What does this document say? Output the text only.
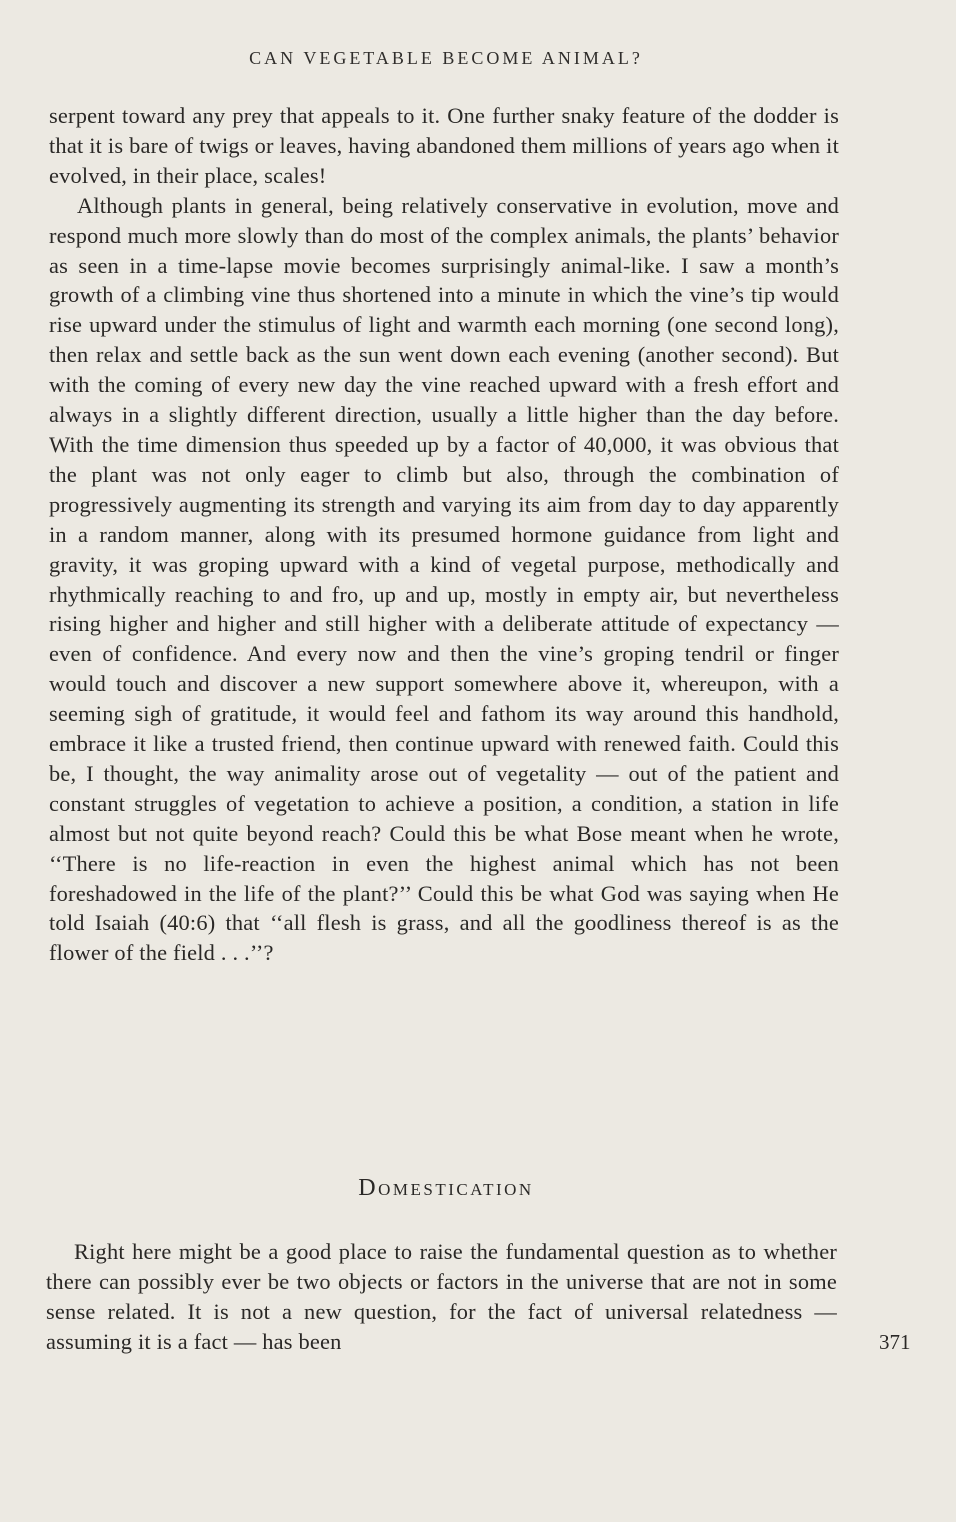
CAN VEGETABLE BECOME ANIMAL?

serpent toward any prey that appeals to it. One further snaky feature of the dodder is that it is bare of twigs or leaves, having abandoned them millions of years ago when it evolved, in their place, scales!

Although plants in general, being relatively conservative in evolution, move and respond much more slowly than do most of the complex animals, the plants’ behavior as seen in a time-lapse movie becomes surprisingly animal-like. I saw a month’s growth of a climbing vine thus shortened into a minute in which the vine’s tip would rise upward under the stimulus of light and warmth each morning (one second long), then relax and settle back as the sun went down each evening (another second). But with the coming of every new day the vine reached upward with a fresh effort and always in a slightly different direction, usually a little higher than the day before. With the time dimension thus speeded up by a factor of 40,000, it was obvious that the plant was not only eager to climb but also, through the combination of progressively augmenting its strength and varying its aim from day to day apparently in a random manner, along with its presumed hormone guidance from light and gravity, it was groping upward with a kind of vegetal purpose, methodically and rhythmically reaching to and fro, up and up, mostly in empty air, but nevertheless rising higher and higher and still higher with a deliberate attitude of expectancy — even of confidence. And every now and then the vine’s groping tendril or finger would touch and discover a new support somewhere above it, whereupon, with a seeming sigh of gratitude, it would feel and fathom its way around this handhold, embrace it like a trusted friend, then continue upward with renewed faith. Could this be, I thought, the way animality arose out of vegetality — out of the patient and constant struggles of vegetation to achieve a position, a condition, a station in life almost but not quite beyond reach? Could this be what Bose meant when he wrote, ‘‘There is no life-reaction in even the highest animal which has not been foreshadowed in the life of the plant?’’ Could this be what God was saying when He told Isaiah (40:6) that ‘‘all flesh is grass, and all the goodliness thereof is as the flower of the field . . .’’?

Domestication

Right here might be a good place to raise the fundamental question as to whether there can possibly ever be two objects or factors in the universe that are not in some sense related. It is not a new question, for the fact of universal relatedness — assuming it is a fact — has been	371
